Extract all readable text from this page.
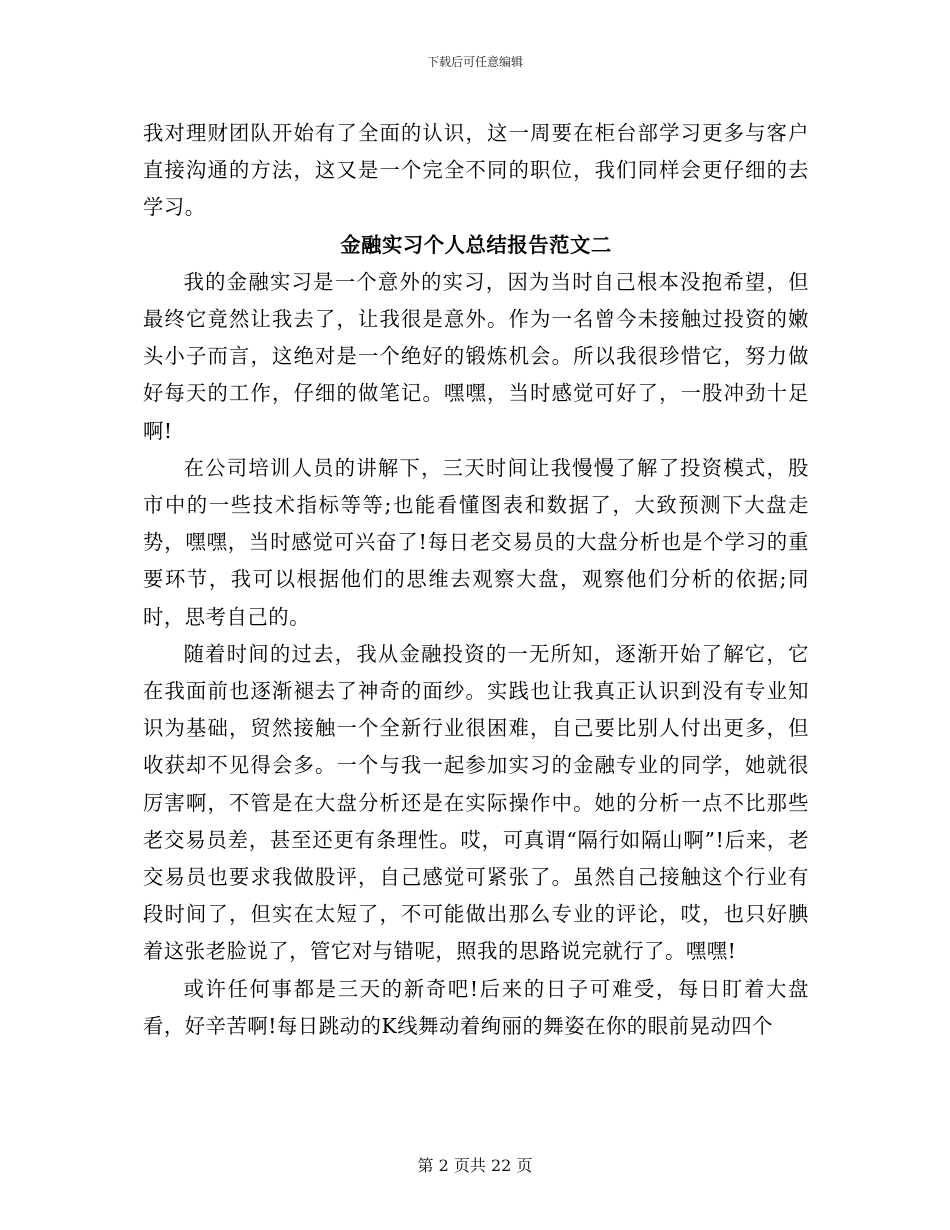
下载后可任意编辑

我对理财团队开始有了全面的认识，这一周要在柜台部学习更多与客户直接沟通的方法，这又是一个完全不同的职位，我们同样会更仔细的去学习。

金融实习个人总结报告范文二

我的金融实习是一个意外的实习，因为当时自己根本没抱希望，但最终它竟然让我去了，让我很是意外。作为一名曾今未接触过投资的嫩头小子而言，这绝对是一个绝好的锻炼机会。所以我很珍惜它，努力做好每天的工作，仔细的做笔记。嘿嘿，当时感觉可好了，一股冲劲十足啊!

在公司培训人员的讲解下，三天时间让我慢慢了解了投资模式，股市中的一些技术指标等等;也能看懂图表和数据了，大致预测下大盘走势，嘿嘿，当时感觉可兴奋了!每日老交易员的大盘分析也是个学习的重要环节，我可以根据他们的思维去观察大盘，观察他们分析的依据;同时，思考自己的。

随着时间的过去，我从金融投资的一无所知，逐渐开始了解它，它在我面前也逐渐褪去了神奇的面纱。实践也让我真正认识到没有专业知识为基础，贸然接触一个全新行业很困难，自己要比别人付出更多，但收获却不见得会多。一个与我一起参加实习的金融专业的同学，她就很厉害啊，不管是在大盘分析还是在实际操作中。她的分析一点不比那些老交易员差，甚至还更有条理性。哎，可真谓“隔行如隔山啊”!后来，老交易员也要求我做股评，自己感觉可紧张了。虽然自己接触这个行业有段时间了，但实在太短了，不可能做出那么专业的评论，哎，也只好腆着这张老脸说了，管它对与错呢，照我的思路说完就行了。嘿嘿!

或许任何事都是三天的新奇吧!后来的日子可难受，每日盯着大盘看，好辛苦啊!每日跳动的K线舞动着绚丽的舞姿在你的眼前晃动四个

第 2 页共 22 页
